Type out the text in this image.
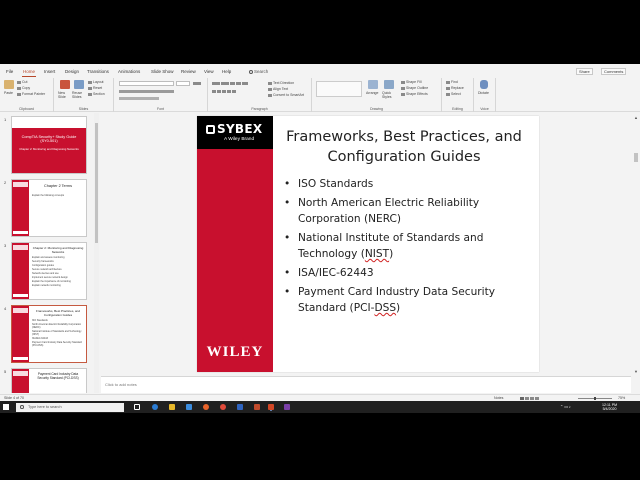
File Home Insert Design Transitions Animations Slide Show Review View Help	Search	Share	Comments
Paste
Cut
Copy
Format Painter
Clipboard
New Slide
Reuse Slides
Layout
Reset
Section
Slides	Font
Text Direction
Align Text
Convert to SmartArt
Paragraph
Arrange Quick Styles
Shape Fill
Shape Outline
Shape Effects
Drawing
Find
Replace
Select
Editing
Dictate
Voice
1
CompTIA Security+ Study Guide (SY0-501)
Chapter 2: Monitoring and Diagnosing Networks
2
Chapter 2 Terms
Explain the following concepts
3	Chapter 2: Monitoring and Diagnosing Networks
Explain and assess monitoring
Security frameworks
Configuration guides
Secure network architecture
Network devices and use
Implement secure network design
Explain the importance of monitoring
Explain network monitoring
4	Frameworks, Best Practices, and Configuration Guides
ISO Standards
North American Electric Reliability Corporation (NERC)
National Institute of Standards and Technology (NIST)
ISA/IEC-62443
Payment Card Industry Data Security Standard (PCI-DSS)
5	Payment Card Industry Data Security Standard (PCI-DSS)
SYBEX
A Wiley Brand
WILEY
Frameworks, Best Practices, and Configuration Guides
• ISO Standards
• North American Electric Reliability Corporation (NERC)
• National Institute of Standards and Technology (NIST)
• ISA/IEC-62443
• Payment Card Industry Data Security Standard (PCI-DSS)
Click to add notes
▲
▼
Slide 4 of 70	Notes	75%
Type here to search	⌃ ▭ ♪
12:11 PM
5/4/2020
